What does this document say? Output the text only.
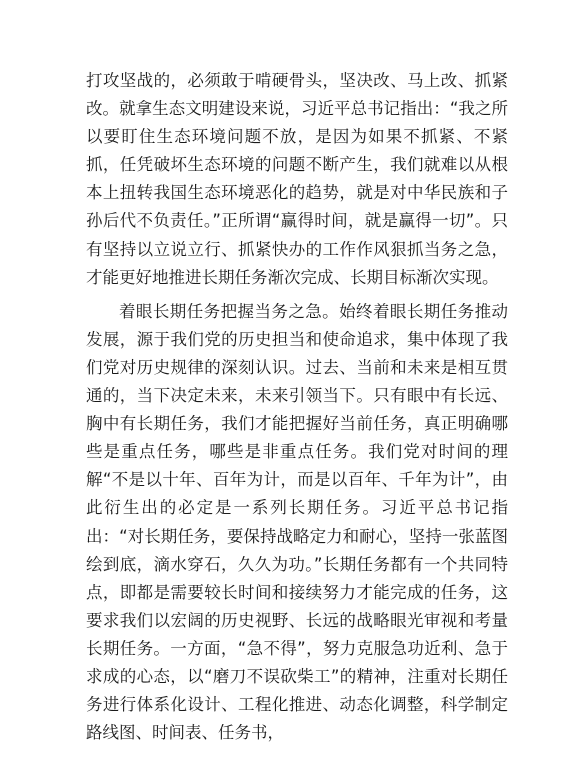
打攻坚战的，必须敢于啃硬骨头，坚决改、马上改、抓紧改。就拿生态文明建设来说，习近平总书记指出：“我之所以要盯住生态环境问题不放，是因为如果不抓紧、不紧抓，任凭破坏生态环境的问题不断产生，我们就难以从根本上扭转我国生态环境恶化的趋势，就是对中华民族和子孙后代不负责任。”正所谓“赢得时间，就是赢得一切”。只有坚持以立说立行、抓紧快办的工作作风狠抓当务之急，才能更好地推进长期任务渐次完成、长期目标渐次实现。

着眼长期任务把握当务之急。始终着眼长期任务推动发展，源于我们党的历史担当和使命追求，集中体现了我们党对历史规律的深刻认识。过去、当前和未来是相互贯通的，当下决定未来，未来引领当下。只有眼中有长远、胸中有长期任务，我们才能把握好当前任务，真正明确哪些是重点任务，哪些是非重点任务。我们党对时间的理解“不是以十年、百年为计，而是以百年、千年为计”，由此衍生出的必定是一系列长期任务。习近平总书记指出：“对长期任务，要保持战略定力和耐心，坚持一张蓝图绘到底，滴水穿石，久久为功。”长期任务都有一个共同特点，即都是需要较长时间和接续努力才能完成的任务，这要求我们以宏阔的历史视野、长远的战略眼光审视和考量长期任务。一方面，“急不得”，努力克服急功近利、急于求成的心态，以“磨刀不误砍柴工”的精神，注重对长期任务进行体系化设计、工程化推进、动态化调整，科学制定路线图、时间表、任务书，
